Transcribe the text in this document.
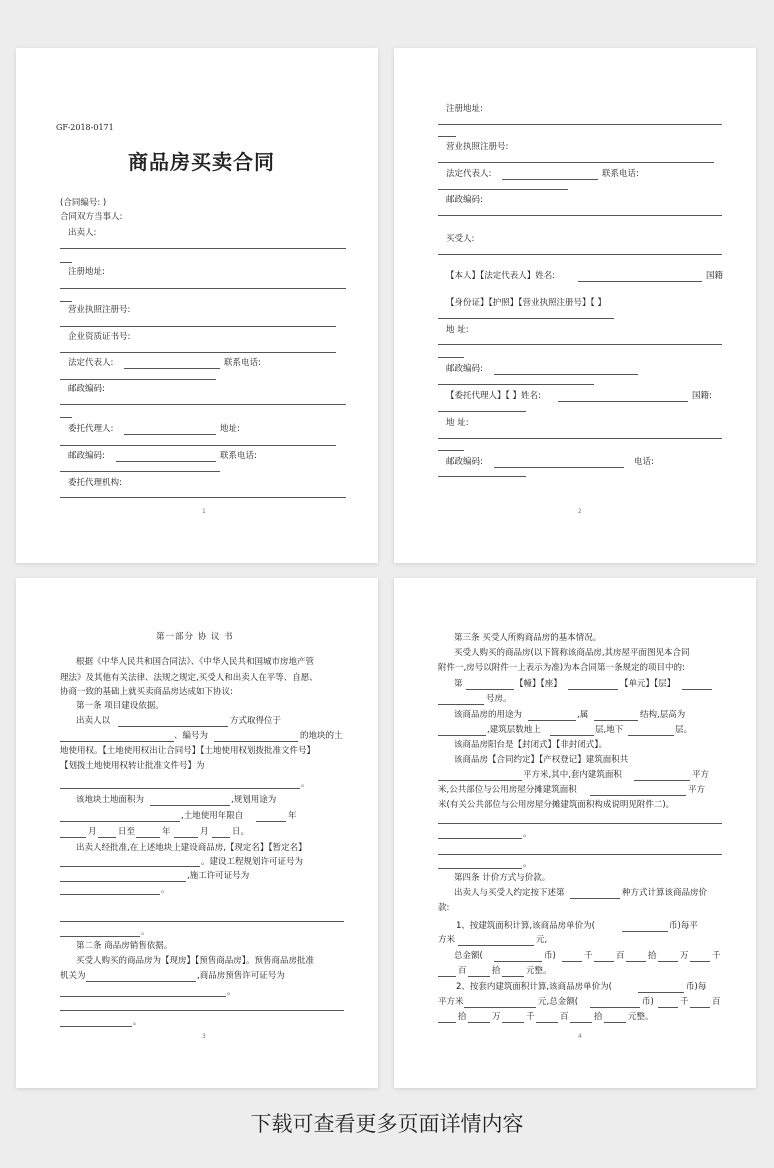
GF-2018-0171
商品房买卖合同
(合同编号: )
合同双方当事人:
出卖人:
注册地址:
营业执照注册号:
企业资质证书号:
法定代表人:	联系电话:
邮政编码:
委托代理人:	地址:
邮政编码:	联系电话:
委托代理机构:
1
注册地址:
营业执照注册号:
法定代表人:	联系电话:
邮政编码:
买受人:
【本人】【法定代表人】姓名:	国籍
【身份证】【护照】【营业执照注册号】【 】
地 址:
邮政编码:
【委托代理人】【 】姓名:	国籍:
地 址:
邮政编码:	电话:
2
第一部分 协 议 书
根据《中华人民共和国合同法》、《中华人民共和国城市房地产管
理法》及其他有关法律、法规之规定,买受人和出卖人在平等、自愿、
协商一致的基础上就买卖商品房达成如下协议:
第一条 项目建设依据。
出卖人以	方式取得位于
、编号为	的地块的土
地使用权。【土地使用权出让合同号】【土地使用权划拨批准文件号】
【划拨土地使用权转让批准文件号】为
。
该地块土地面积为	,规划用途为
,土地使用年限自	年
月	日至	年	月	日。
出卖人经批准,在上述地块上建设商品房,【现定名】【暂定名】
。建设工程规划许可证号为
,施工许可证号为
。
。
第二条 商品房销售依据。
买受人购买的商品房为【现房】【预售商品房】。预售商品房批准
机关为	,商品房预售许可证号为
。
。
3
第三条 买受人所购商品房的基本情况。
买受人购买的商品房(以下简称该商品房,其房屋平面图见本合同
附件一,房号以附件一上表示为准)为本合同第一条规定的项目中的:
第	【幢】【座】	【单元】【层】
号房。
该商品房的用途为	,属	结构,层高为
,建筑层数地上	层,地下	层。
该商品房阳台是【封闭式】【非封闭式】。
该商品房【合同约定】【产权登记】建筑面积共
平方米,其中,套内建筑面积	平方
米,公共部位与公用房屋分摊建筑面积	平方
米(有关公共部位与公用房屋分摊建筑面积构成说明见附件二)。
。
。
第四条 计价方式与价款。
出卖人与买受人约定按下述第	种方式计算该商品房价
款:
1、按建筑面积计算,该商品房单价为(	币)每平
方米	元,
总金额(	币)	千	百	拾	万	千
百	拾	元整。
2、按套内建筑面积计算,该商品房单价为(	币)每
平方米	元,总金额(	币)	千	百
拾	万	千	百	拾	元整。
4
下载可查看更多页面详情内容
